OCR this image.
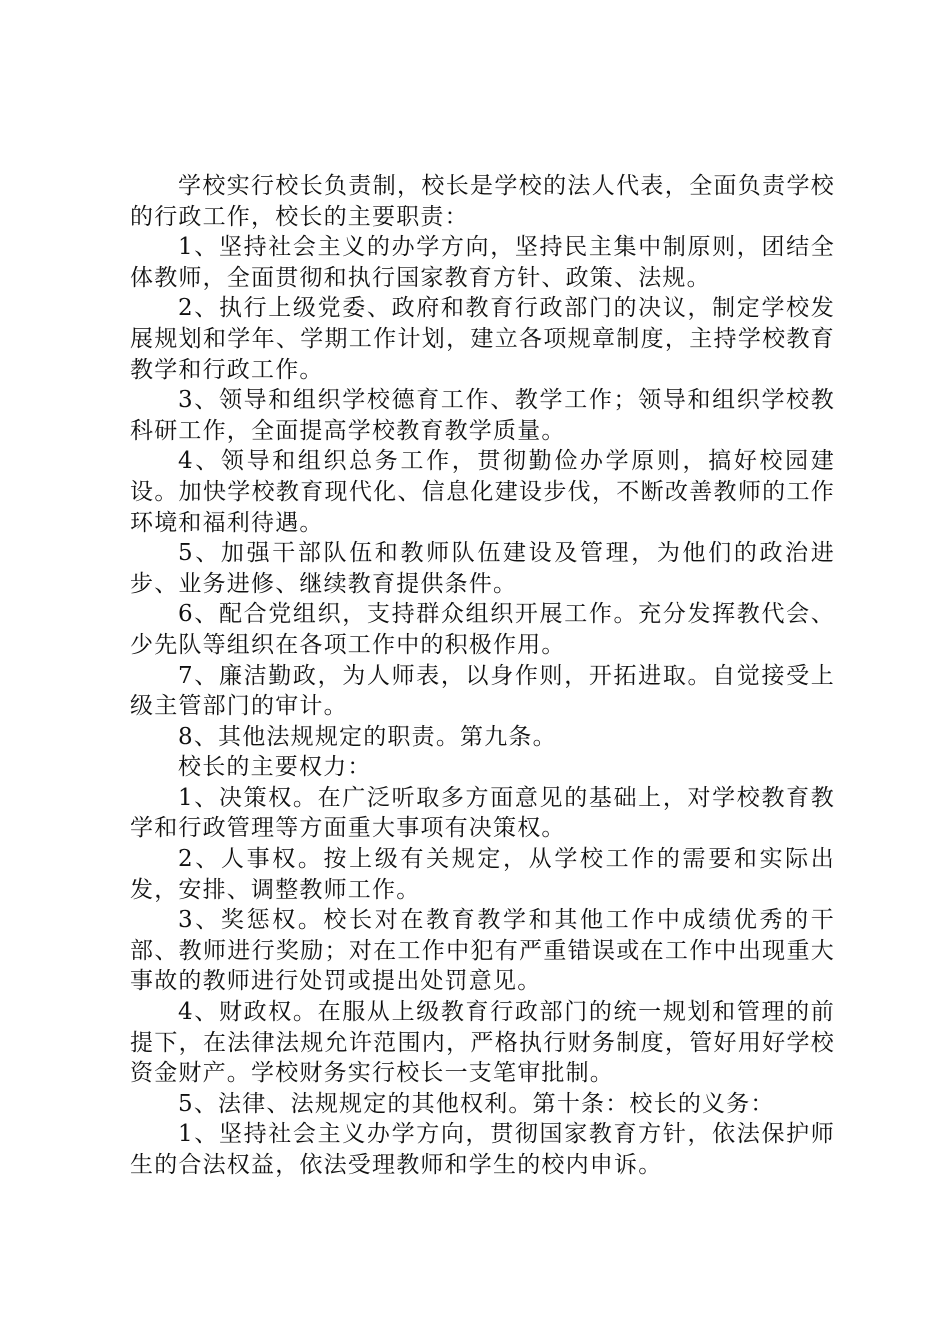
学校实行校长负责制，校长是学校的法人代表，全面负责学校的行政工作，校长的主要职责：

1、坚持社会主义的办学方向，坚持民主集中制原则，团结全体教师，全面贯彻和执行国家教育方针、政策、法规。

2、执行上级党委、政府和教育行政部门的决议，制定学校发展规划和学年、学期工作计划，建立各项规章制度，主持学校教育教学和行政工作。

3、领导和组织学校德育工作、教学工作；领导和组织学校教科研工作，全面提高学校教育教学质量。

4、领导和组织总务工作，贯彻勤俭办学原则，搞好校园建设。加快学校教育现代化、信息化建设步伐，不断改善教师的工作环境和福利待遇。

5、加强干部队伍和教师队伍建设及管理，为他们的政治进步、业务进修、继续教育提供条件。

6、配合党组织，支持群众组织开展工作。充分发挥教代会、少先队等组织在各项工作中的积极作用。

7、廉洁勤政，为人师表，以身作则，开拓进取。自觉接受上级主管部门的审计。

8、其他法规规定的职责。第九条。

校长的主要权力：

1、决策权。在广泛听取多方面意见的基础上，对学校教育教学和行政管理等方面重大事项有决策权。

2、人事权。按上级有关规定，从学校工作的需要和实际出发，安排、调整教师工作。

3、奖惩权。校长对在教育教学和其他工作中成绩优秀的干部、教师进行奖励；对在工作中犯有严重错误或在工作中出现重大事故的教师进行处罚或提出处罚意见。

4、财政权。在服从上级教育行政部门的统一规划和管理的前提下，在法律法规允许范围内，严格执行财务制度，管好用好学校资金财产。学校财务实行校长一支笔审批制。

5、法律、法规规定的其他权利。第十条：校长的义务：

1、坚持社会主义办学方向，贯彻国家教育方针，依法保护师生的合法权益，依法受理教师和学生的校内申诉。
